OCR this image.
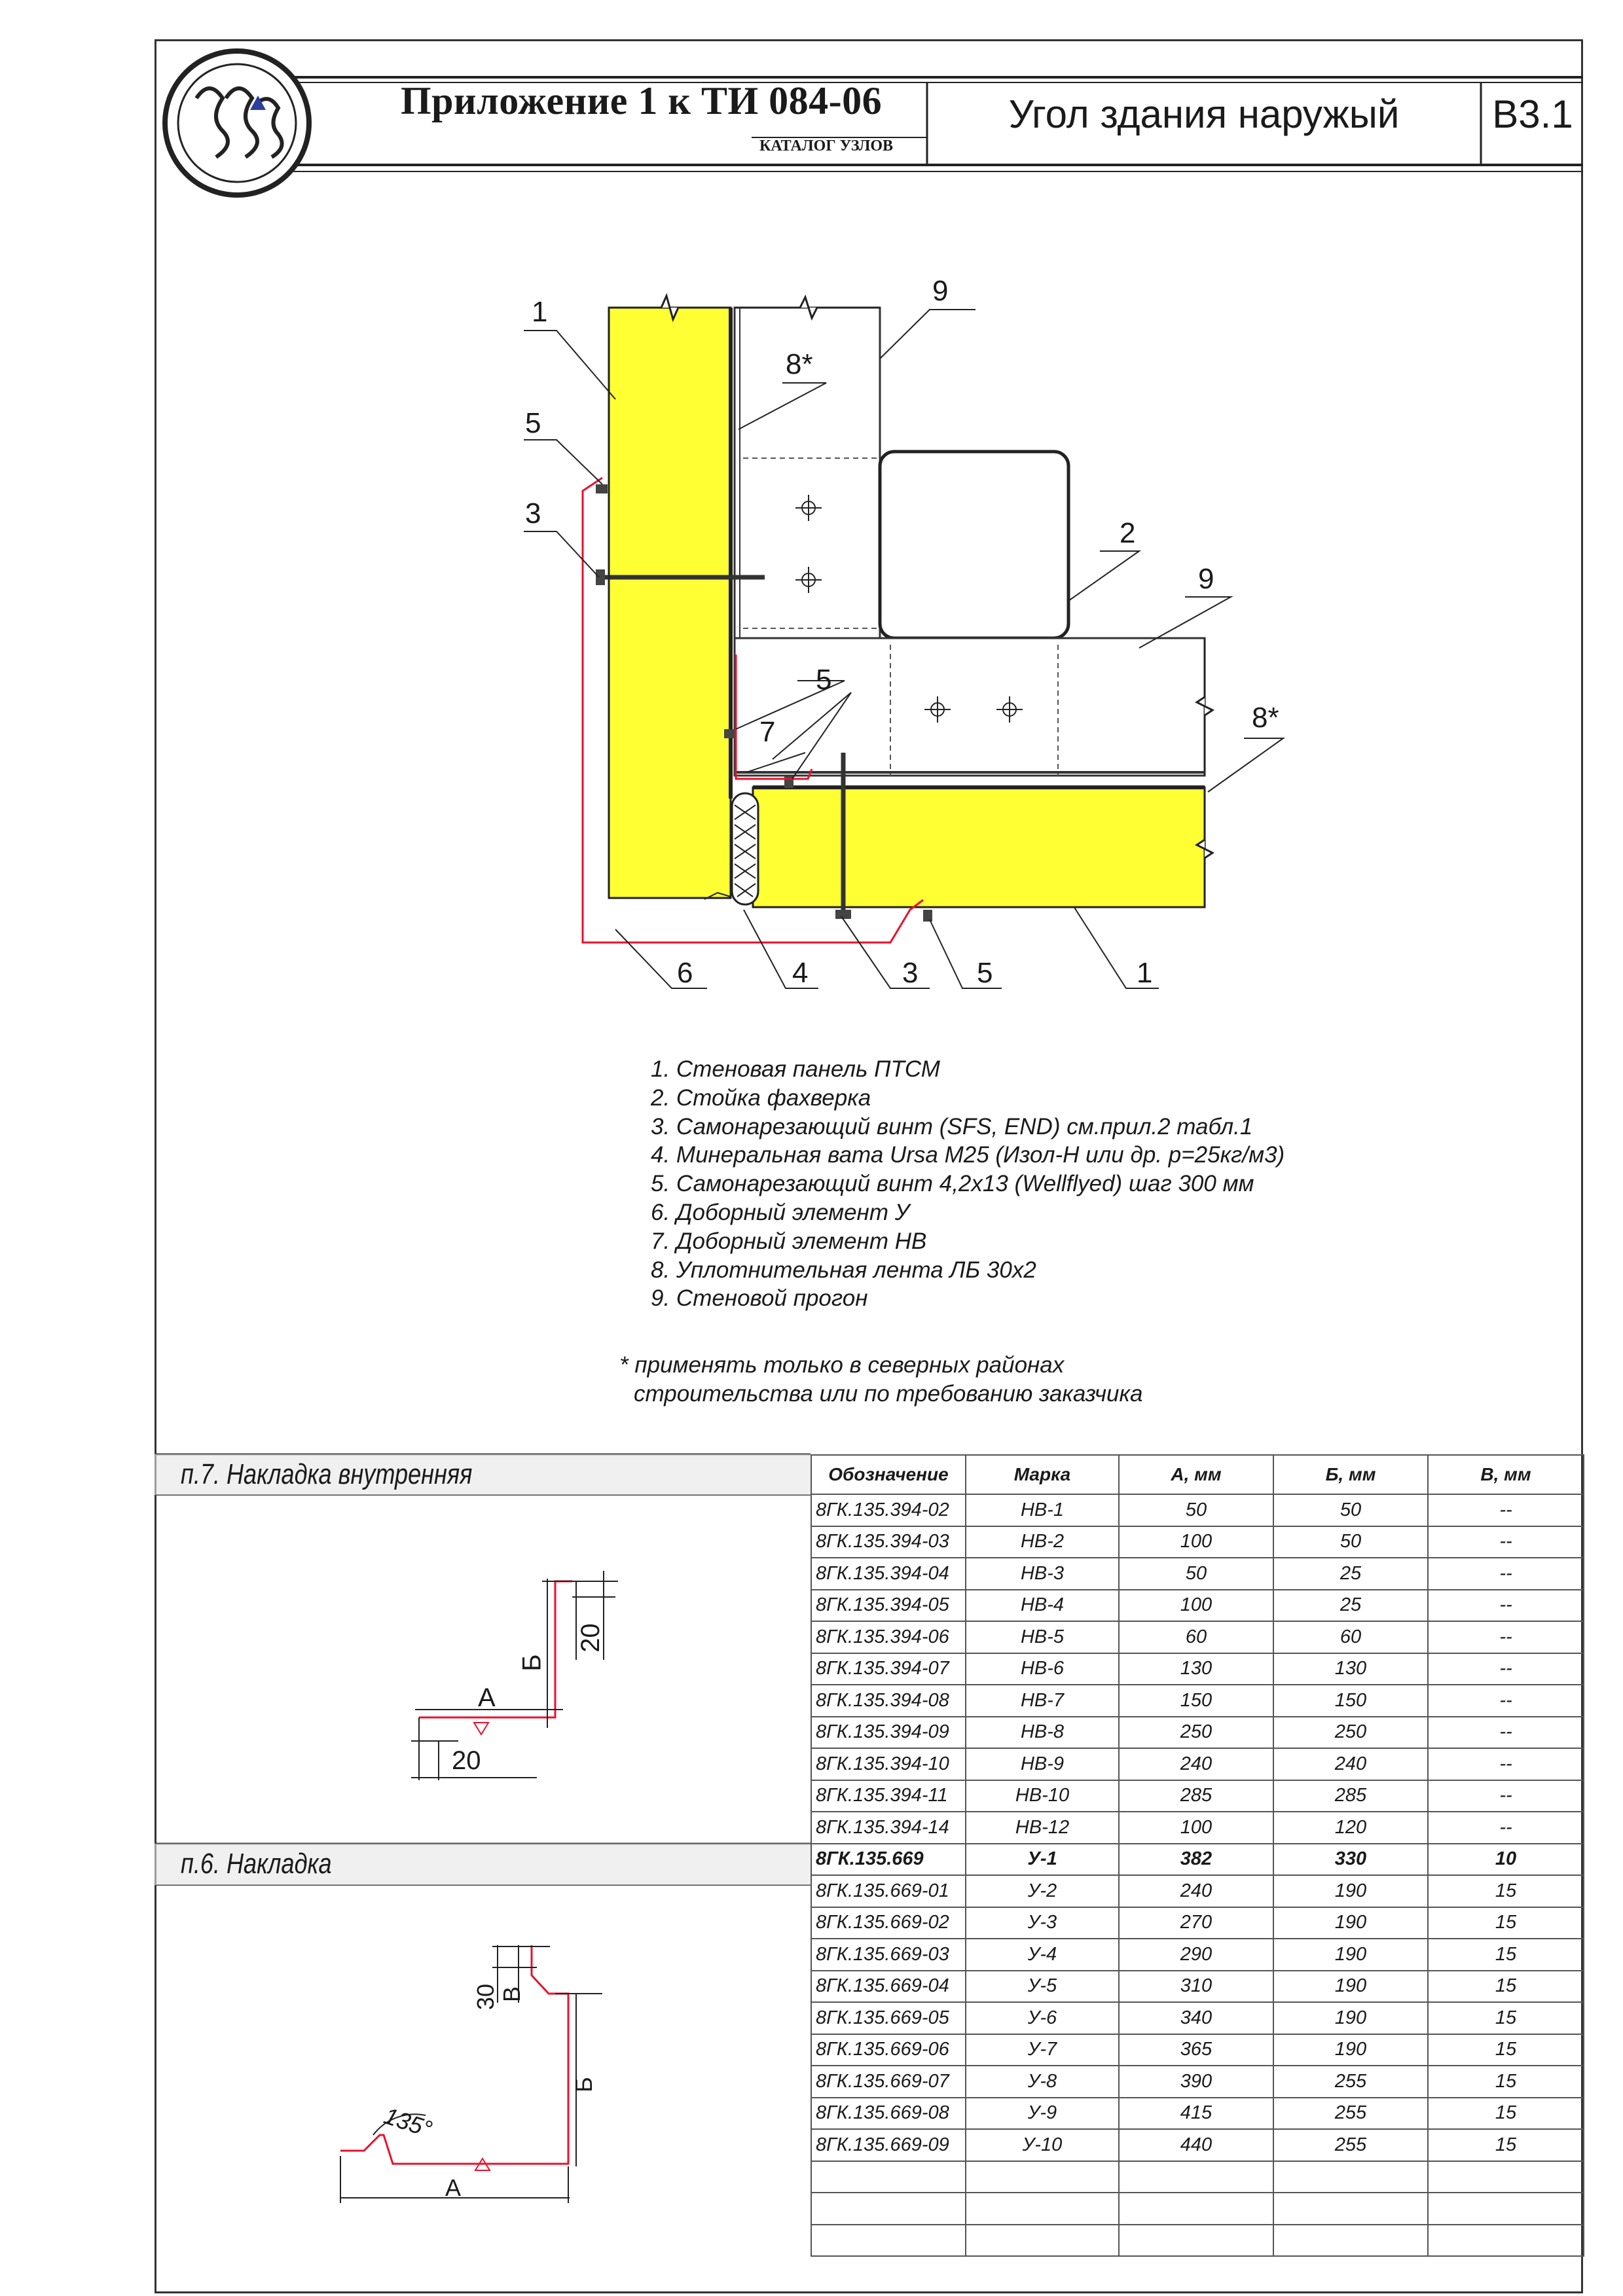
Приложение 1 к ТИ 084-06
КАТАЛОГ УЗЛОВ
Угол здания наружый	В3.1
1
5
3
8*
9
2
9
5
7	8*
6	4	3 5	1
1. Стеновая панель ПТСМ
2. Стойка фахверка
3. Самонарезающий винт (SFS, END) см.прил.2 табл.1
4. Минеральная вата Ursa M25 (Изол-Н или др. р=25кг/м3)
5. Самонарезающий винт 4,2х13 (Wellflyed) шаг 300 мм
6. Доборный элемент У
7. Доборный элемент НВ
8. Уплотнительная лента ЛБ 30х2
9. Стеновой прогон
* применять только в северных районах
строительства или по требованию заказчика
п.7. Накладка внутренняя
п.6. Накладка
А
Б
20
20
30
В
Б
А
135°
Обозначение	Марка	А, мм	Б, мм	В, мм
8ГК.135.394-02	НВ-1	50	50	--
8ГК.135.394-03	НВ-2	100	50	--
8ГК.135.394-04	НВ-3	50	25	--
8ГК.135.394-05	НВ-4	100	25	--
8ГК.135.394-06	НВ-5	60	60	--
8ГК.135.394-07	НВ-6	130	130	--
8ГК.135.394-08	НВ-7	150	150	--
8ГК.135.394-09	НВ-8	250	250	--
8ГК.135.394-10	НВ-9	240	240	--
8ГК.135.394-11	НВ-10	285	285	--
8ГК.135.394-14	НВ-12	100	120	--
8ГК.135.669	У-1	382	330	10
8ГК.135.669-01	У-2	240	190	15
8ГК.135.669-02	У-3	270	190	15
8ГК.135.669-03	У-4	290	190	15
8ГК.135.669-04	У-5	310	190	15
8ГК.135.669-05	У-6	340	190	15
8ГК.135.669-06	У-7	365	190	15
8ГК.135.669-07	У-8	390	255	15
8ГК.135.669-08	У-9	415	255	15
8ГК.135.669-09	У-10	440	255	15
